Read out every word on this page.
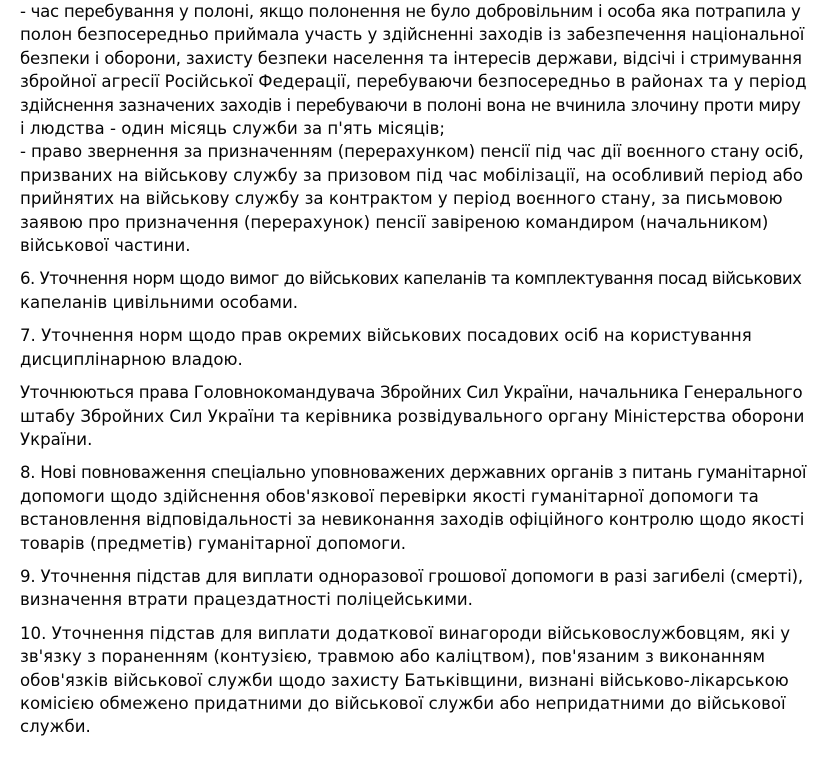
- час перебування у полоні, якщо полонення не було добровільним і особа яка потрапила у
полон безпосередньо приймала участь у здійсненні заходів із забезпечення національної
безпеки і оборони, захисту безпеки населення та інтересів держави, відсічі і стримування
збройної агресії Російської Федерації, перебуваючи безпосередньо в районах та у період
здійснення зазначених заходів і перебуваючи в полоні вона не вчинила злочину проти миру
і людства - один місяць служби за п'ять місяців;
- право звернення за призначенням (перерахунком) пенсії під час дії воєнного стану осіб,
призваних на військову службу за призовом під час мобілізації, на особливий період або
прийнятих на військову службу за контрактом у період воєнного стану, за письмовою
заявою про призначення (перерахунок) пенсії завіреною командиром (начальником)
військової частини.
6. Уточнення норм щодо вимог до військових капеланів та комплектування посад військових
капеланів цивільними особами.
7. Уточнення норм щодо прав окремих військових посадових осіб на користування
дисциплінарною владою.
Уточнюються права Головнокомандувача Збройних Сил України, начальника Генерального
штабу Збройних Сил України та керівника розвідувального органу Міністерства оборони
України.
8. Нові повноваження спеціально уповноважених державних органів з питань гуманітарної
допомоги щодо здійснення обов'язкової перевірки якості гуманітарної допомоги та
встановлення відповідальності за невиконання заходів офіційного контролю щодо якості
товарів (предметів) гуманітарної допомоги.
9. Уточнення підстав для виплати одноразової грошової допомоги в разі загибелі (смерті),
визначення втрати працездатності поліцейськими.
10. Уточнення підстав для виплати додаткової винагороди військовослужбовцям, які у
зв'язку з пораненням (контузією, травмою або каліцтвом), пов'язаним з виконанням
обов'язків військової служби щодо захисту Батьківщини, визнані військово-лікарською
комісією обмежено придатними до військової служби або непридатними до військової
служби.
